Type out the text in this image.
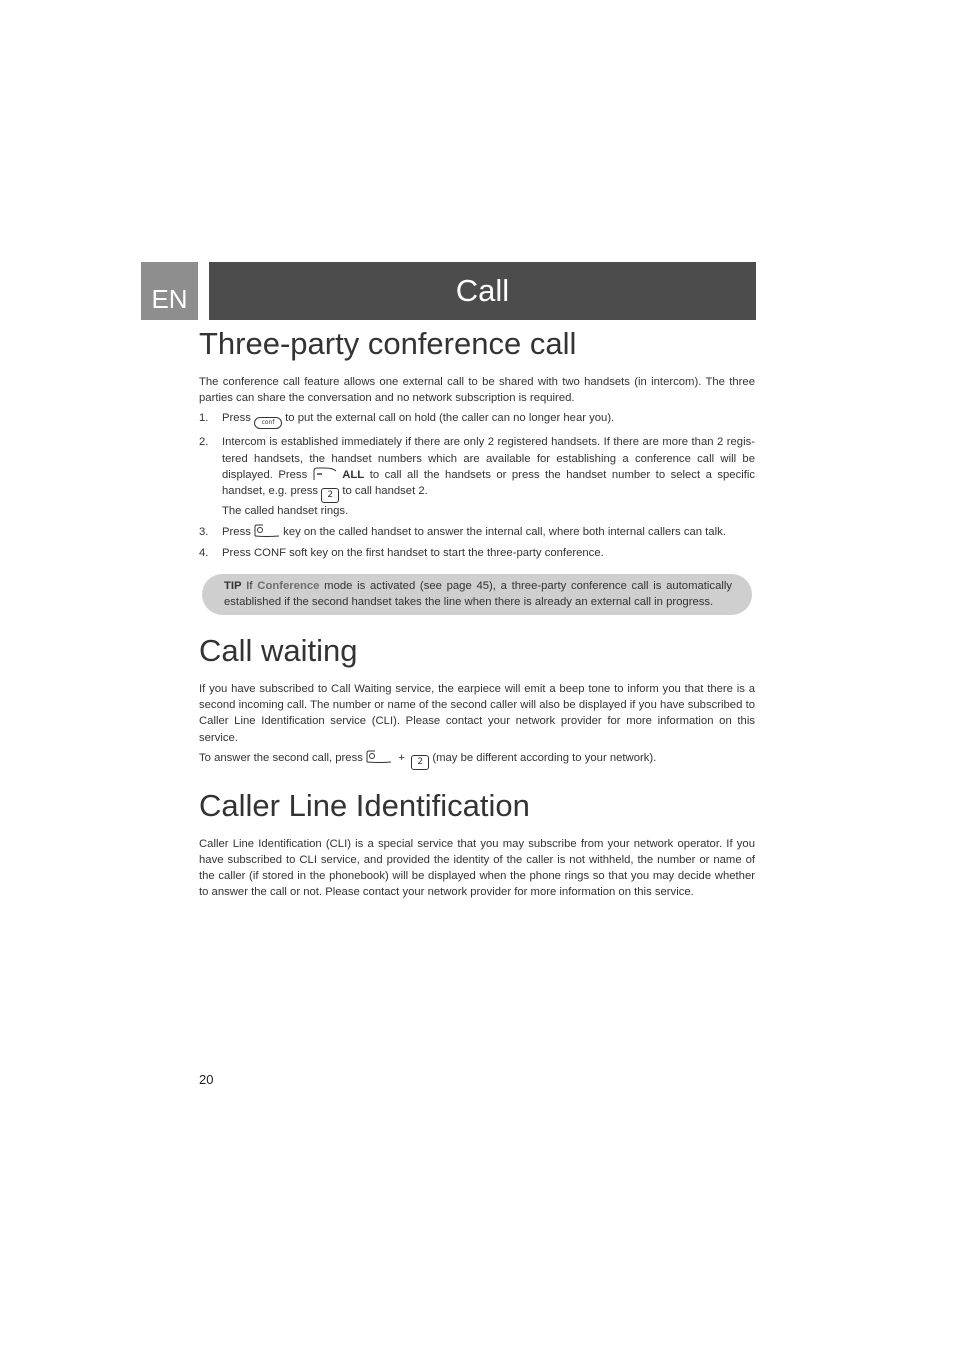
EN	Call
Three-party conference call

The conference call feature allows one external call to be shared with two handsets (in intercom). The three parties can share the conversation and no network subscription is required.

1.	Press conf to put the external call on hold (the caller can no longer hear you).
2.	Intercom is established immediately if there are only 2 registered handsets. If there are more than 2 regis-tered handsets, the handset numbers which are available for establishing a conference call will be displayed. Press	ALL to call all the handsets or press the handset number to select a specific handset, e.g. press 2 to call handset 2.
The called handset rings.
3.	Press	key on the called handset to answer the internal call, where both internal callers can talk.
4.	Press CONF soft key on the first handset to start the three-party conference.
TIP If Conference mode is activated (see page 45), a three-party conference call is automatically established if the second handset takes the line when there is already an external call in progress.
Call waiting

If you have subscribed to Call Waiting service, the earpiece will emit a beep tone to inform you that there is a second incoming call. The number or name of the second caller will also be displayed if you have subscribed to Caller Line Identification service (CLI). Please contact your network provider for more information on this service.

To answer the second call, press	+ 2 (may be different according to your network).

Caller Line Identification

Caller Line Identification (CLI) is a special service that you may subscribe from your network operator. If you have subscribed to CLI service, and provided the identity of the caller is not withheld, the number or name of the caller (if stored in the phonebook) will be displayed when the phone rings so that you may decide whether to answer the call or not. Please contact your network provider for more information on this service.

20
